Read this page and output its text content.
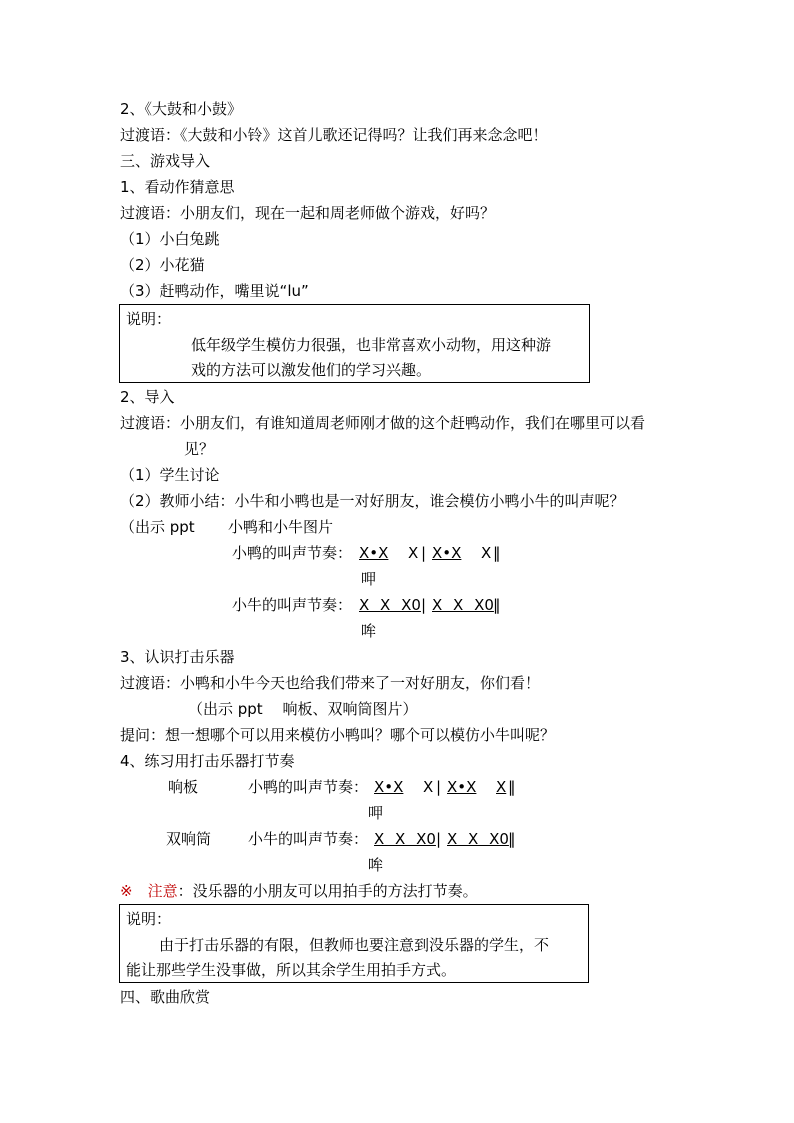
2、《大鼓和小鼓》
过渡语：《大鼓和小铃》这首儿歌还记得吗？让我们再来念念吧！
三、游戏导入
1、看动作猜意思
过渡语：小朋友们，现在一起和周老师做个游戏，好吗？
（1）小白兔跳
（2）小花猫
（3）赶鸭动作，嘴里说“lu”
说明：
低年级学生模仿力很强，也非常喜欢小动物，用这种游
戏的方法可以激发他们的学习兴趣。
2、导入
过渡语：小朋友们，有谁知道周老师刚才做的这个赶鸭动作，我们在哪里可以看
见？
（1）学生讨论
（2）教师小结：小牛和小鸭也是一对好朋友，谁会模仿小鸭小牛的叫声呢？
（出示 ppt 小鸭和小牛图片
小鸭的叫声节奏： X•X X | X•X X ‖
呷
小牛的叫声节奏： X X X0 | X X X0 ‖
哞
3、认识打击乐器
过渡语：小鸭和小牛今天也给我们带来了一对好朋友，你们看！
（出示 ppt　 响板、双响筒图片）
提问：想一想哪个可以用来模仿小鸭叫？哪个可以模仿小牛叫呢？
4、练习用打击乐器打节奏
响板	小鸭的叫声节奏： X•X X | X•X X ‖
呷
双响筒 小牛的叫声节奏： X X X0 | X X X0 ‖
哞
※　注意：没乐器的小朋友可以用拍手的方法打节奏。
说明：
由于打击乐器的有限，但教师也要注意到没乐器的学生，不
能让那些学生没事做，所以其余学生用拍手方式。
四、歌曲欣赏
